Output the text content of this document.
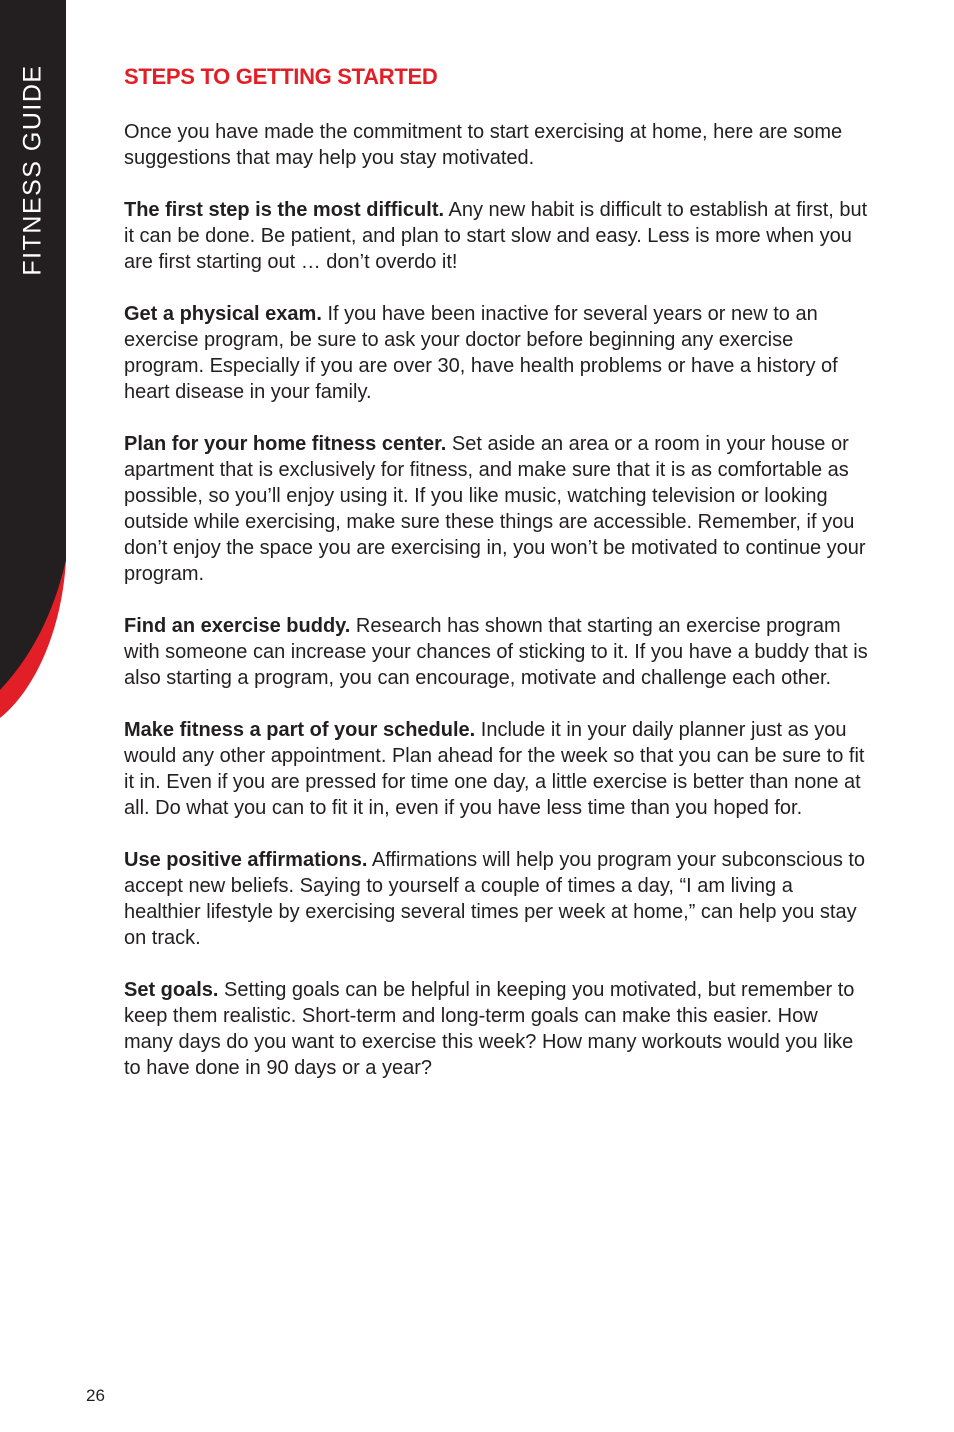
FITNESS GUIDE	STEPS TO GETTING STARTED

Once you have made the commitment to start exercising at home, here are some suggestions that may help you stay motivated.

The first step is the most difficult. Any new habit is difficult to establish at first, but it can be done. Be patient, and plan to start slow and easy. Less is more when you are first starting out … don’t overdo it!

Get a physical exam. If you have been inactive for several years or new to an exercise program, be sure to ask your doctor before beginning any exercise program. Especially if you are over 30, have health problems or have a history of heart disease in your family.

Plan for your home fitness center. Set aside an area or a room in your house or apartment that is exclusively for fitness, and make sure that it is as comfortable as possible, so you’ll enjoy using it. If you like music, watching television or looking outside while exercising, make sure these things are accessible. Remember, if you don’t enjoy the space you are exercising in, you won’t be motivated to continue your program.

Find an exercise buddy. Research has shown that starting an exercise program with someone can increase your chances of sticking to it. If you have a buddy that is also starting a program, you can encourage, motivate and challenge each other.

Make fitness a part of your schedule. Include it in your daily planner just as you would any other appointment. Plan ahead for the week so that you can be sure to fit it in. Even if you are pressed for time one day, a little exercise is better than none at all. Do what you can to fit it in, even if you have less time than you hoped for.

Use positive affirmations. Affirmations will help you program your subconscious to accept new beliefs. Saying to yourself a couple of times a day, “I am living a healthier lifestyle by exercising several times per week at home,” can help you stay on track.

Set goals. Setting goals can be helpful in keeping you motivated, but remember to keep them realistic. Short-term and long-term goals can make this easier. How many days do you want to exercise this week? How many workouts would you like to have done in 90 days or a year?

26
